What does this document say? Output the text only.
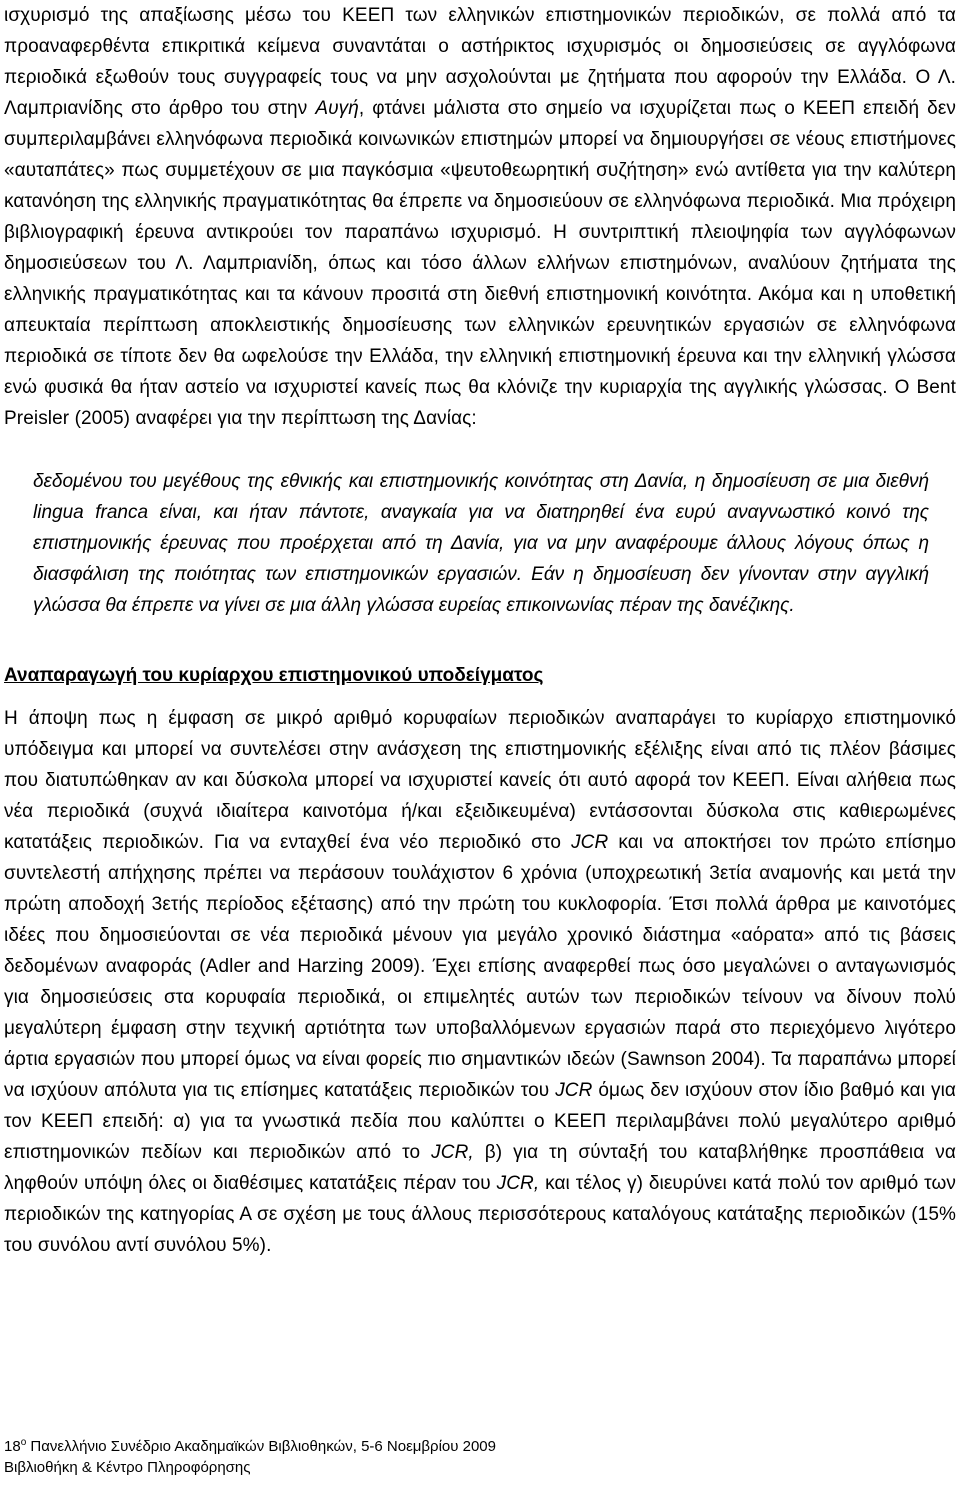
ισχυρισμό της απαξίωσης μέσω του ΚΕΕΠ των ελληνικών επιστημονικών περιοδικών, σε πολλά από τα προαναφερθέντα επικριτικά κείμενα συναντάται ο αστήρικτος ισχυρισμός οι δημοσιεύσεις σε αγγλόφωνα περιοδικά εξωθούν τους συγγραφείς τους να μην ασχολούνται με ζητήματα που αφορούν την Ελλάδα. Ο Λ. Λαμπριανίδης στο άρθρο του στην Αυγή, φτάνει μάλιστα στο σημείο να ισχυρίζεται πως ο ΚΕΕΠ επειδή δεν συμπεριλαμβάνει ελληνόφωνα περιοδικά κοινωνικών επιστημών μπορεί να δημιουργήσει σε νέους επιστήμονες «αυταπάτες» πως συμμετέχουν σε μια παγκόσμια «ψευτοθεωρητική συζήτηση» ενώ αντίθετα για την καλύτερη κατανόηση της ελληνικής πραγματικότητας θα έπρεπε να δημοσιεύουν σε ελληνόφωνα περιοδικά. Μια πρόχειρη βιβλιογραφική έρευνα αντικρούει τον παραπάνω ισχυρισμό. Η συντριπτική πλειοψηφία των αγγλόφωνων δημοσιεύσεων του Λ. Λαμπριανίδη, όπως και τόσο άλλων ελλήνων επιστημόνων, αναλύουν ζητήματα της ελληνικής πραγματικότητας και τα κάνουν προσιτά στη διεθνή επιστημονική κοινότητα. Ακόμα και η υποθετική απευκταία περίπτωση αποκλειστικής δημοσίευσης των ελληνικών ερευνητικών εργασιών σε ελληνόφωνα περιοδικά σε τίποτε δεν θα ωφελούσε την Ελλάδα, την ελληνική επιστημονική έρευνα και την ελληνική γλώσσα ενώ φυσικά θα ήταν αστείο να ισχυριστεί κανείς πως θα κλόνιζε την κυριαρχία της αγγλικής γλώσσας. Ο Bent Preisler (2005) αναφέρει για την περίπτωση της Δανίας:

δεδομένου του μεγέθους της εθνικής και επιστημονικής κοινότητας στη Δανία, η δημοσίευση σε μια διεθνή lingua franca είναι, και ήταν πάντοτε, αναγκαία για να διατηρηθεί ένα ευρύ αναγνωστικό κοινό της επιστημονικής έρευνας που προέρχεται από τη Δανία, για να μην αναφέρουμε άλλους λόγους όπως η διασφάλιση της ποιότητας των επιστημονικών εργασιών. Εάν η δημοσίευση δεν γίνονταν στην αγγλική γλώσσα θα έπρεπε να γίνει σε μια άλλη γλώσσα ευρείας επικοινωνίας πέραν της δανέζικης.

Αναπαραγωγή του κυρίαρχου επιστημονικού υποδείγματος

Η άποψη πως η έμφαση σε μικρό αριθμό κορυφαίων περιοδικών αναπαράγει το κυρίαρχο επιστημονικό υπόδειγμα και μπορεί να συντελέσει στην ανάσχεση της επιστημονικής εξέλιξης είναι από τις πλέον βάσιμες που διατυπώθηκαν αν και δύσκολα μπορεί να ισχυριστεί κανείς ότι αυτό αφορά τον ΚΕΕΠ. Είναι αλήθεια πως νέα περιοδικά (συχνά ιδιαίτερα καινοτόμα ή/και εξειδικευμένα) εντάσσονται δύσκολα στις καθιερωμένες κατατάξεις περιοδικών. Για να ενταχθεί ένα νέο περιοδικό στο JCR και να αποκτήσει τον πρώτο επίσημο συντελεστή απήχησης πρέπει να περάσουν τουλάχιστον 6 χρόνια (υποχρεωτική 3ετία αναμονής και μετά την πρώτη αποδοχή 3ετής περίοδος εξέτασης) από την πρώτη του κυκλοφορία. Έτσι πολλά άρθρα με καινοτόμες ιδέες που δημοσιεύονται σε νέα περιοδικά μένουν για μεγάλο χρονικό διάστημα «αόρατα» από τις βάσεις δεδομένων αναφοράς (Adler and Harzing 2009). Έχει επίσης αναφερθεί πως όσο μεγαλώνει ο ανταγωνισμός για δημοσιεύσεις στα κορυφαία περιοδικά, οι επιμελητές αυτών των περιοδικών τείνουν να δίνουν πολύ μεγαλύτερη έμφαση στην τεχνική αρτιότητα των υποβαλλόμενων εργασιών παρά στο περιεχόμενο λιγότερο άρτια εργασιών που μπορεί όμως να είναι φορείς πιο σημαντικών ιδεών (Sawnson 2004). Τα παραπάνω μπορεί να ισχύουν απόλυτα για τις επίσημες κατατάξεις περιοδικών του JCR όμως δεν ισχύουν στον ίδιο βαθμό και για τον ΚΕΕΠ επειδή: α) για τα γνωστικά πεδία που καλύπτει ο ΚΕΕΠ περιλαμβάνει πολύ μεγαλύτερο αριθμό επιστημονικών πεδίων και περιοδικών από το JCR, β) για τη σύνταξή του καταβλήθηκε προσπάθεια να ληφθούν υπόψη όλες οι διαθέσιμες κατατάξεις πέραν του JCR, και τέλος γ) διευρύνει κατά πολύ τον αριθμό των περιοδικών της κατηγορίας Α σε σχέση με τους άλλους περισσότερους καταλόγους κατάταξης περιοδικών (15% του συνόλου αντί συνόλου 5%).

$18^o$ Πανελλήνιο Συνέδριο Ακαδημαϊκών Βιβλιοθηκών, 5-6 Νοεμβρίου 2009
Βιβλιοθήκη & Κέντρο Πληροφόρησης
